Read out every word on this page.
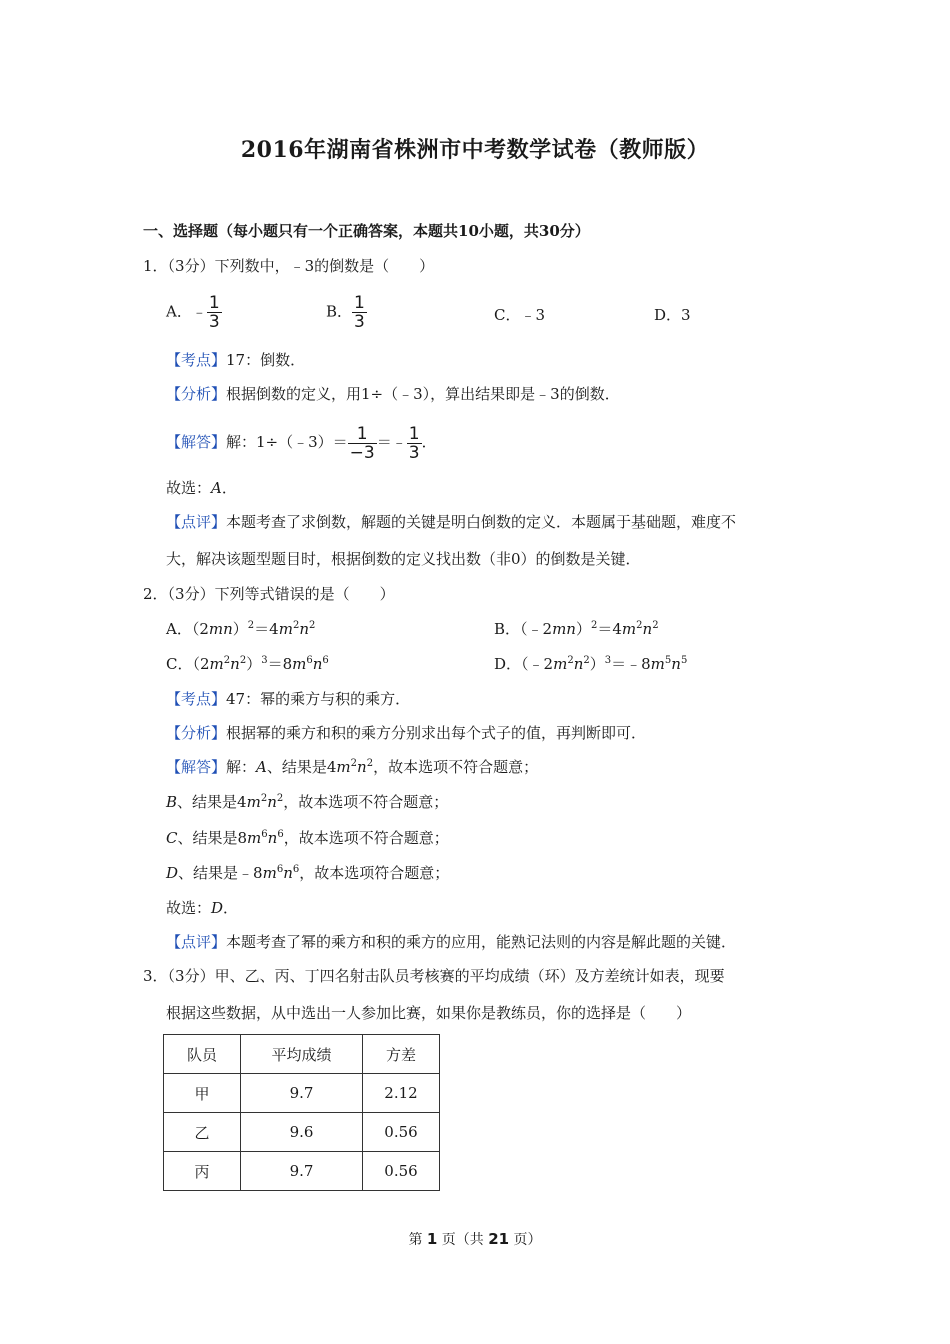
2016年湖南省株洲市中考数学试卷（教师版）
一、选择题（每小题只有一个正确答案，本题共10小题，共30分）
1．（3分）下列数中，﹣3的倒数是（　　）
A．﹣ $\frac{1}{3}$	B． $\frac{1}{3}$	C．﹣3	D．3
【考点】17：倒数．
【分析】根据倒数的定义，用1÷（﹣3），算出结果即是﹣3的倒数．
【解答】解：1÷（﹣3）＝ $\frac{1}{-3}$ ＝﹣ $\frac{1}{3}$ ．
故选：A．
【点评】本题考查了求倒数，解题的关键是明白倒数的定义．本题属于基础题，难度不
大，解决该题型题目时，根据倒数的定义找出数（非0）的倒数是关键．
2．（3分）下列等式错误的是（　　）
A．$(2mn)^2=4m^2n^2$	B．$(﹣2mn)^2=4m^2n^2$
C．$(2m^2n^2)^3=8m^6n^6$	D．$(﹣2m^2n^2)^3=﹣8m^5n^5$
【考点】47：幂的乘方与积的乘方．
【分析】根据幂的乘方和积的乘方分别求出每个式子的值，再判断即可．
【解答】解：A、结果是$4m^2n^2$，故本选项不符合题意；
B、结果是$4m^2n^2$，故本选项不符合题意；
C、结果是$8m^6n^6$，故本选项不符合题意；
D、结果是$﹣8m^6n^6$，故本选项符合题意；
故选：D．
【点评】本题考查了幂的乘方和积的乘方的应用，能熟记法则的内容是解此题的关键．
3．（3分）甲、乙、丙、丁四名射击队员考核赛的平均成绩（环）及方差统计如表，现要
根据这些数据，从中选出一人参加比赛，如果你是教练员，你的选择是（　　）
队员	平均成绩	方差
甲	9.7	2.12
乙	9.6	0.56
丙	9.7	0.56
第 1 页（共 21 页）
